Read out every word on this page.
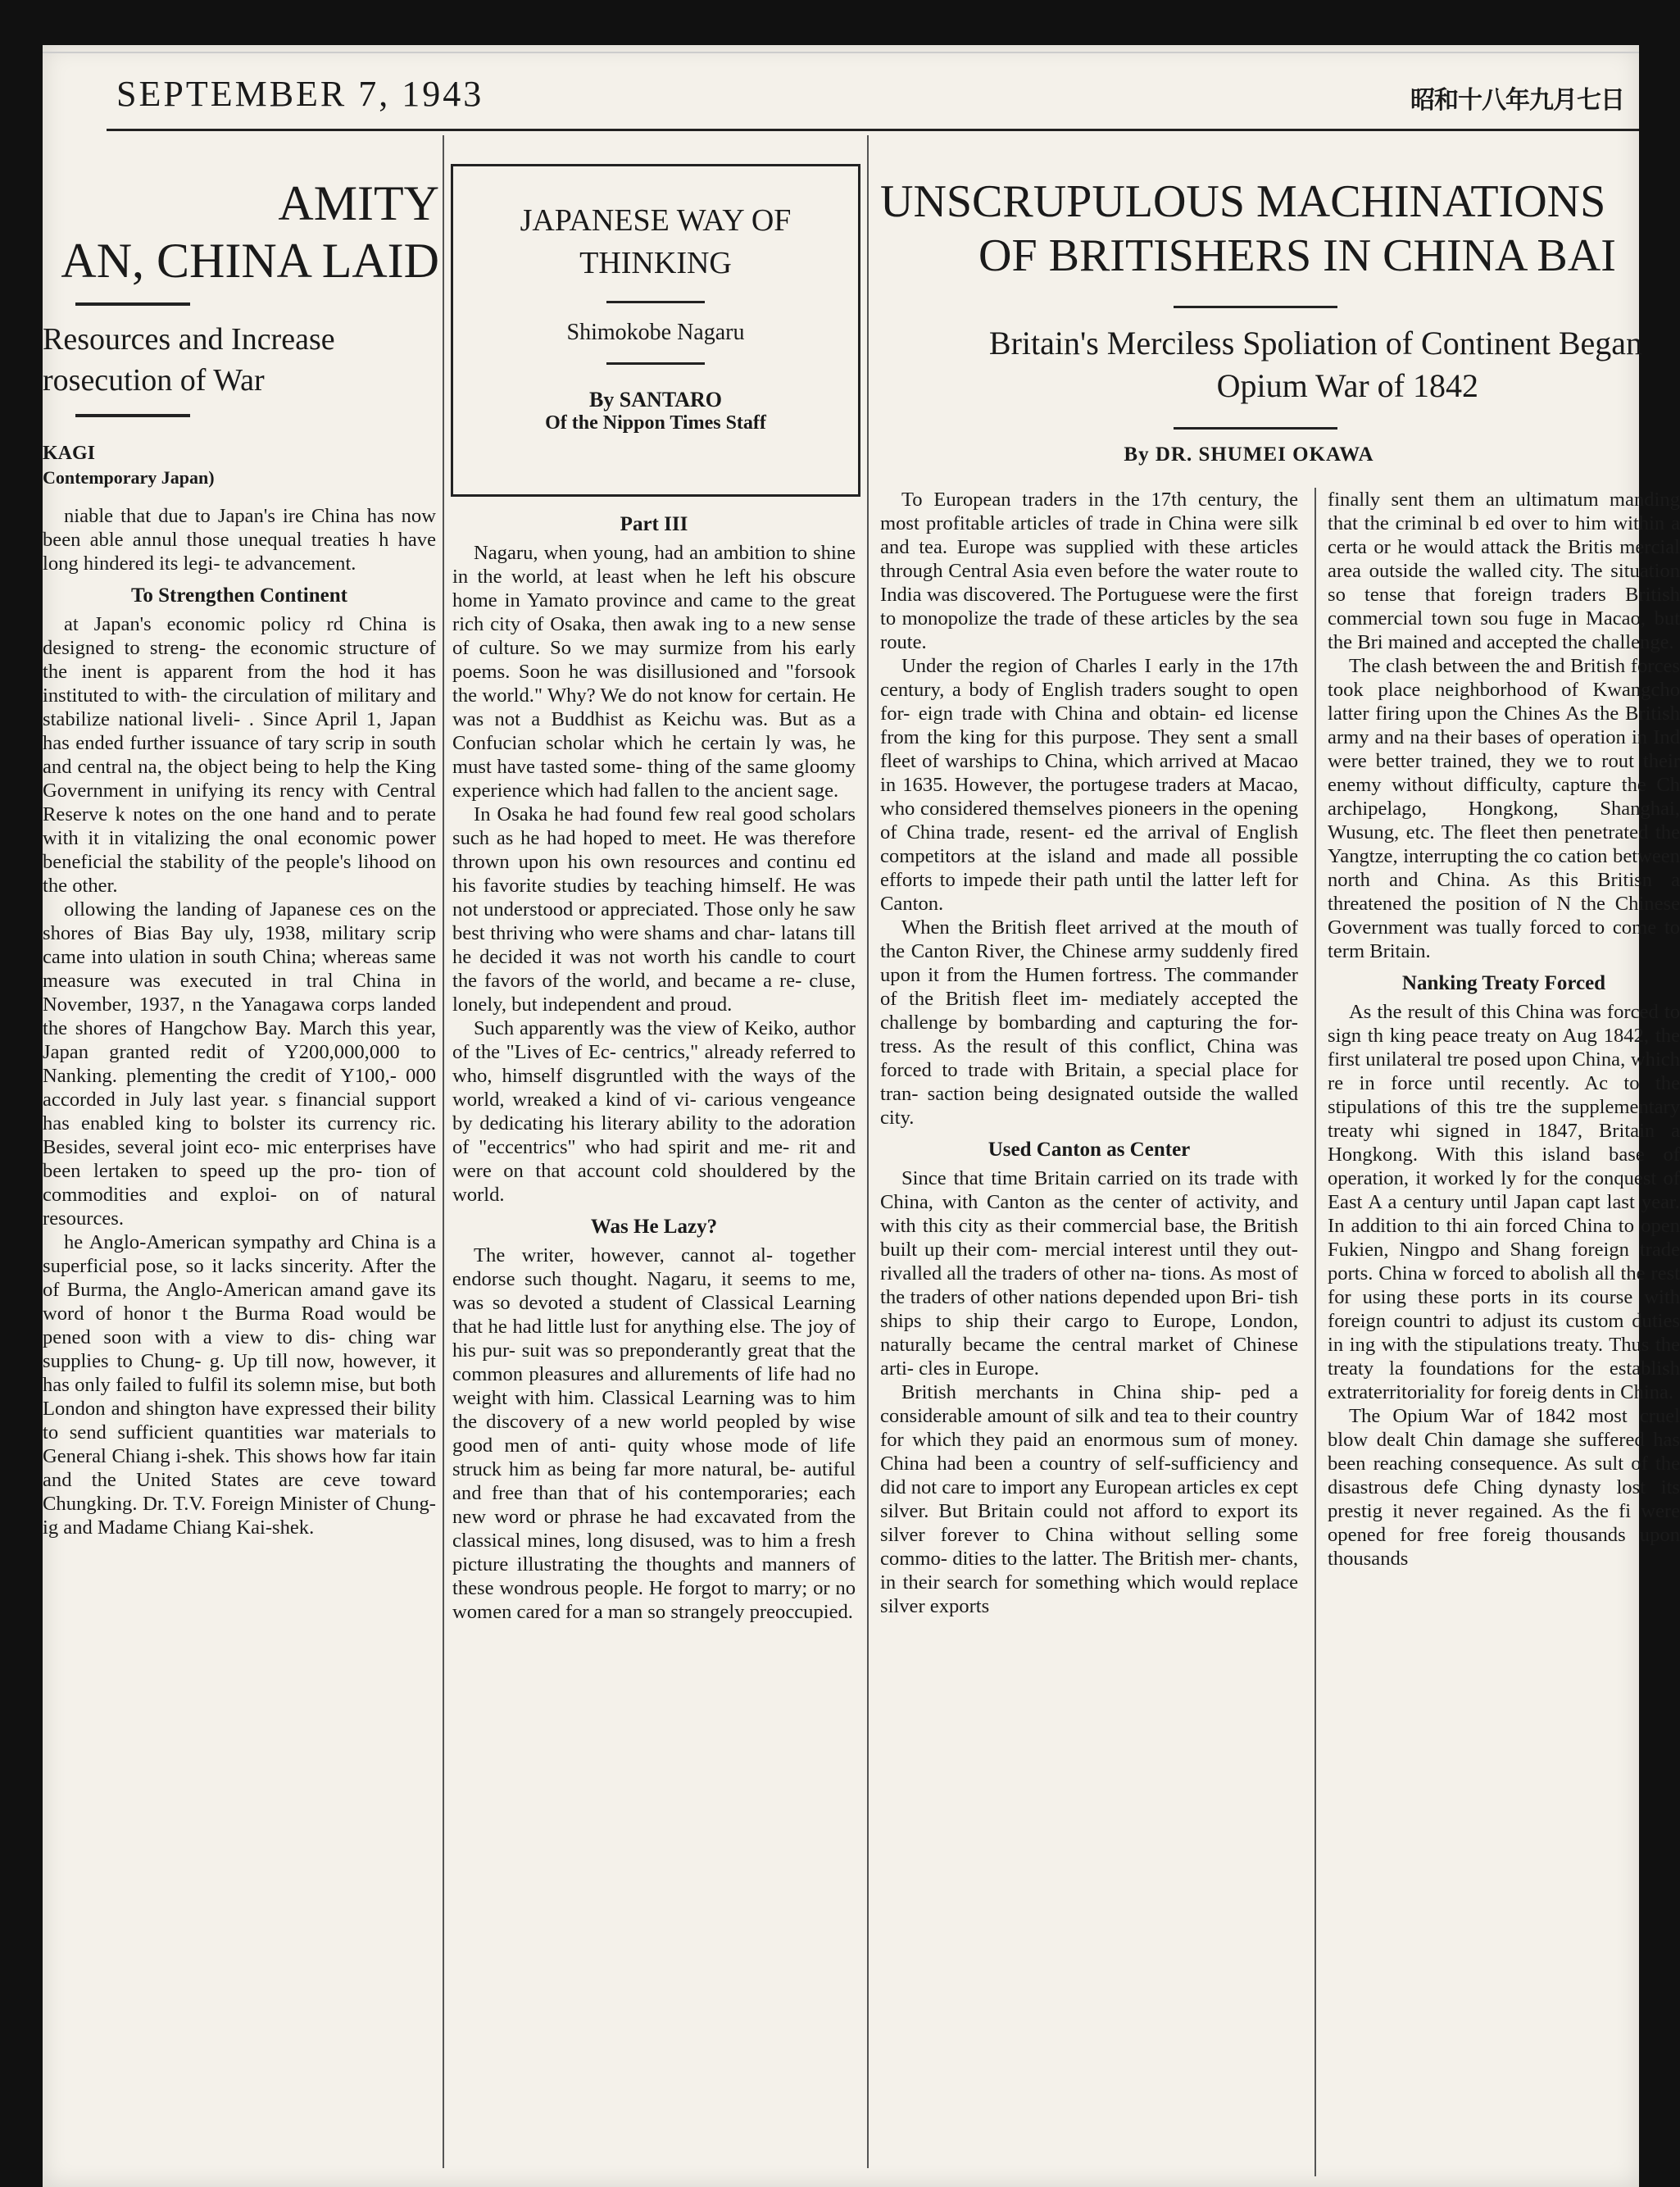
SEPTEMBER 7, 1943	昭和十八年九月七日
AMITY
AN, CHINA LAID
Resources and Increase
rosecution of War
KAGI
Contemporary Japan)

niable that due to Japan's ire China has now been able annul those unequal treaties h have long hindered its legi- te advancement.

To Strengthen Continent

at Japan's economic policy rd China is designed to streng- the economic structure of the inent is apparent from the hod it has instituted to with- the circulation of military and stabilize national liveli- . Since April 1, Japan has ended further issuance of tary scrip in south and central na, the object being to help the King Government in unifying its rency with Central Reserve k notes on the one hand and to perate with it in vitalizing the onal economic power beneficial the stability of the people's lihood on the other.

ollowing the landing of Japanese ces on the shores of Bias Bay uly, 1938, military scrip came into ulation in south China; whereas same measure was executed in tral China in November, 1937, n the Yanagawa corps landed the shores of Hangchow Bay. March this year, Japan granted redit of Y200,000,000 to Nanking. plementing the credit of Y100,- 000 accorded in July last year. s financial support has enabled king to bolster its currency ric. Besides, several joint eco- mic enterprises have been lertaken to speed up the pro- tion of commodities and exploi- on of natural resources.

he Anglo-American sympathy ard China is a superficial pose, so it lacks sincerity. After the of Burma, the Anglo-American amand gave its word of honor t the Burma Road would be pened soon with a view to dis- ching war supplies to Chung- g. Up till now, however, it has only failed to fulfil its solemn mise, but both London and shington have expressed their bility to send sufficient quantities war materials to General Chiang i-shek. This shows how far itain and the United States are ceve toward Chungking. Dr. T.V. Foreign Minister of Chung- ig and Madame Chiang Kai-shek.

JAPANESE WAY OF
THINKING
Shimokobe Nagaru
By SANTARO
Of the Nippon Times Staff

Part III

Nagaru, when young, had an ambition to shine in the world, at least when he left his obscure home in Yamato province and came to the great rich city of Osaka, then awak ing to a new sense of culture. So we may surmize from his early poems. Soon he was disillusioned and "forsook the world." Why? We do not know for certain. He was not a Buddhist as Keichu was. But as a Confucian scholar which he certain ly was, he must have tasted some- thing of the same gloomy experience which had fallen to the ancient sage.

In Osaka he had found few real good scholars such as he had hoped to meet. He was therefore thrown upon his own resources and continu ed his favorite studies by teaching himself. He was not understood or appreciated. Those only he saw best thriving who were shams and char- latans till he decided it was not worth his candle to court the favors of the world, and became a re- cluse, lonely, but independent and proud.

Such apparently was the view of Keiko, author of the "Lives of Ec- centrics," already referred to who, himself disgruntled with the ways of the world, wreaked a kind of vi- carious vengeance by dedicating his literary ability to the adoration of "eccentrics" who had spirit and me- rit and were on that account cold shouldered by the world.

Was He Lazy?

The writer, however, cannot al- together endorse such thought. Nagaru, it seems to me, was so devoted a student of Classical Learning that he had little lust for anything else. The joy of his pur- suit was so preponderantly great that the common pleasures and allurements of life had no weight with him. Classical Learning was to him the discovery of a new world peopled by wise good men of anti- quity whose mode of life struck him as being far more natural, be- autiful and free than that of his contemporaries; each new word or phrase he had excavated from the classical mines, long disused, was to him a fresh picture illustrating the thoughts and manners of these wondrous people. He forgot to marry; or no women cared for a man so strangely preoccupied.

UNSCRUPULOUS MACHINATIONS
OF BRITISHERS IN CHINA BAI
Britain's Merciless Spoliation of Continent Began
Opium War of 1842
By DR. SHUMEI OKAWA

To European traders in the 17th century, the most profitable articles of trade in China were silk and tea. Europe was supplied with these articles through Central Asia even before the water route to India was discovered. The Portuguese were the first to monopolize the trade of these articles by the sea route.

Under the region of Charles I early in the 17th century, a body of English traders sought to open for- eign trade with China and obtain- ed license from the king for this purpose. They sent a small fleet of warships to China, which arrived at Macao in 1635. However, the portugese traders at Macao, who considered themselves pioneers in the opening of China trade, resent- ed the arrival of English competitors at the island and made all possible efforts to impede their path until the latter left for Canton.

When the British fleet arrived at the mouth of the Canton River, the Chinese army suddenly fired upon it from the Humen fortress. The commander of the British fleet im- mediately accepted the challenge by bombarding and capturing the for- tress. As the result of this conflict, China was forced to trade with Britain, a special place for tran- saction being designated outside the walled city.

Used Canton as Center

Since that time Britain carried on its trade with China, with Canton as the center of activity, and with this city as their commercial base, the British built up their com- mercial interest until they out- rivalled all the traders of other na- tions. As most of the traders of other nations depended upon Bri- tish ships to ship their cargo to Europe, London, naturally became the central market of Chinese arti- cles in Europe.

British merchants in China ship- ped a considerable amount of silk and tea to their country for which they paid an enormous sum of money. China had been a country of self-sufficiency and did not care to import any European articles ex cept silver. But Britain could not afford to export its silver forever to China without selling some commo- dities to the latter. The British mer- chants, in their search for something which would replace silver exports

finally sent them an ultimatum manding that the criminal b ed over to him within a certa or he would attack the Britis mercial area outside the walled city. The situation so tense that foreign traders British commercial town sou fuge in Macao, but the Bri mained and accepted the challenge.

The clash between the and British forces took place neighborhood of Kwangcho latter firing upon the Chines As the British army and na their bases of operation in Ind were better trained, they we to rout their enemy without difficulty, capture the Ch archipelago, Hongkong, Shanghai, Wusung, etc. The fleet then penetrated the Yangtze, interrupting the co cation between north and China. As this Britisn a threatened the position of N the Chinese Government was tually forced to come to term Britain.

Nanking Treaty Forced

As the result of this China was forced to sign th king peace treaty on Aug 1842, the first unilateral tre posed upon China, which re in force until recently. Ac to the stipulations of this tre the supplementary treaty whi signed in 1847, Britain a Hongkong. With this island base of operation, it worked ly for the conquest of East A a century until Japan capt last year. In addition to thi ain forced China to open Fukien, Ningpo and Shang foreign trade ports. China w forced to abolish all the rest for using these ports in its course with foreign countri to adjust its custom duties in ing with the stipulations treaty. Thus the treaty la foundations for the establish extraterritoriality for foreig dents in China.

The Opium War of 1842 most cruel blow dealt Chin damage she suffered has been reaching consequence. As sult of the disastrous defe Ching dynasty lost its prestig it never regained. As the fi were opened for free foreig thousands upon thousands
